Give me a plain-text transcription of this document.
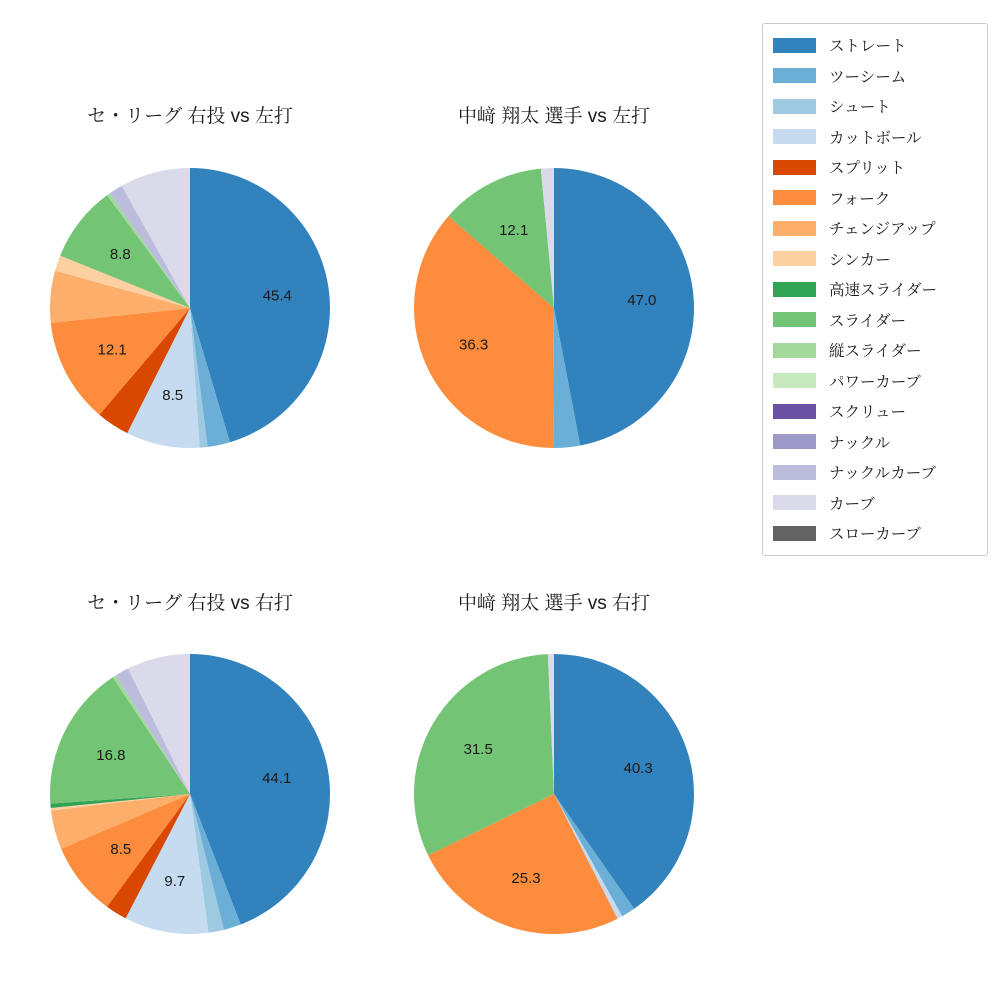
セ・リーグ 右投 vs 左打	中﨑 翔太 選手 vs 左打
セ・リーグ 右投 vs 右打	中﨑 翔太 選手 vs 右打
45.4
8.5
12.1
8.8
47.0
36.3
12.1
44.1
9.7
8.5
16.8
40.3
25.3
31.5
ストレート
ツーシーム
シュート
カットボール
スプリット
フォーク
チェンジアップ
シンカー
高速スライダー
スライダー
縦スライダー
パワーカーブ
スクリュー
ナックル
ナックルカーブ
カーブ
スローカーブ
